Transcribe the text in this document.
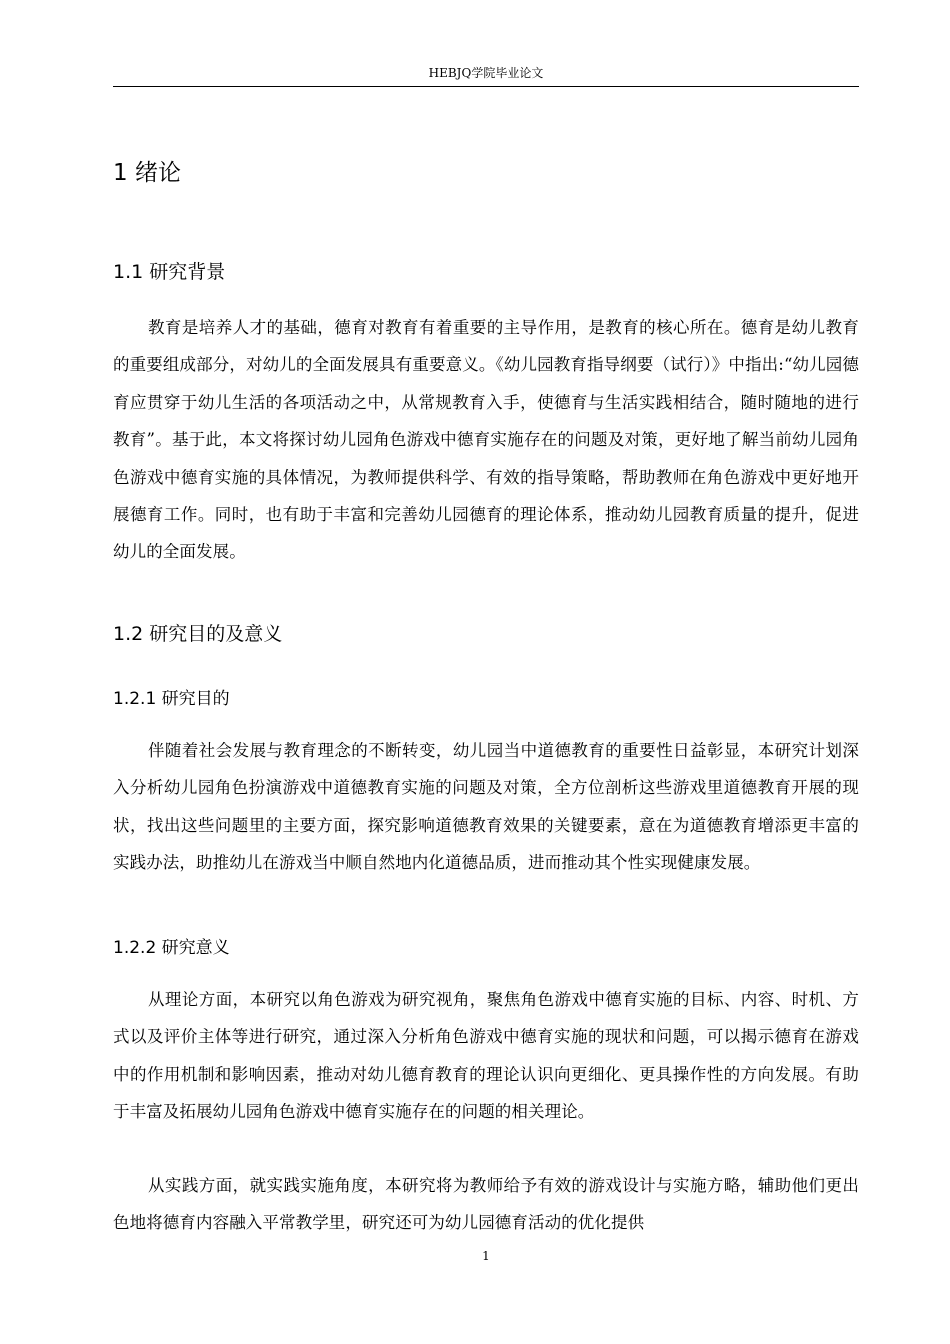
HEBJQ学院毕业论文
1 绪论
1.1 研究背景

教育是培养人才的基础，德育对教育有着重要的主导作用，是教育的核心所在。德育是幼儿教育的重要组成部分，对幼儿的全面发展具有重要意义。《幼儿园教育指导纲要（试行）》中指出:“幼儿园德育应贯穿于幼儿生活的各项活动之中，从常规教育入手，使德育与生活实践相结合，随时随地的进行教育”。基于此，本文将探讨幼儿园角色游戏中德育实施存在的问题及对策，更好地了解当前幼儿园角色游戏中德育实施的具体情况，为教师提供科学、有效的指导策略，帮助教师在角色游戏中更好地开展德育工作。同时，也有助于丰富和完善幼儿园德育的理论体系，推动幼儿园教育质量的提升，促进幼儿的全面发展。

1.2 研究目的及意义
1.2.1 研究目的

伴随着社会发展与教育理念的不断转变，幼儿园当中道德教育的重要性日益彰显，本研究计划深入分析幼儿园角色扮演游戏中道德教育实施的问题及对策，全方位剖析这些游戏里道德教育开展的现状，找出这些问题里的主要方面，探究影响道德教育效果的关键要素，意在为道德教育增添更丰富的实践办法，助推幼儿在游戏当中顺自然地内化道德品质，进而推动其个性实现健康发展。

1.2.2 研究意义

从理论方面，本研究以角色游戏为研究视角，聚焦角色游戏中德育实施的目标、内容、时机、方式以及评价主体等进行研究，通过深入分析角色游戏中德育实施的现状和问题，可以揭示德育在游戏中的作用机制和影响因素，推动对幼儿德育教育的理论认识向更细化、更具操作性的方向发展。有助于丰富及拓展幼儿园角色游戏中德育实施存在的问题的相关理论。

从实践方面，就实践实施角度，本研究将为教师给予有效的游戏设计与实施方略，辅助他们更出色地将德育内容融入平常教学里，研究还可为幼儿园德育活动的优化提供

1
